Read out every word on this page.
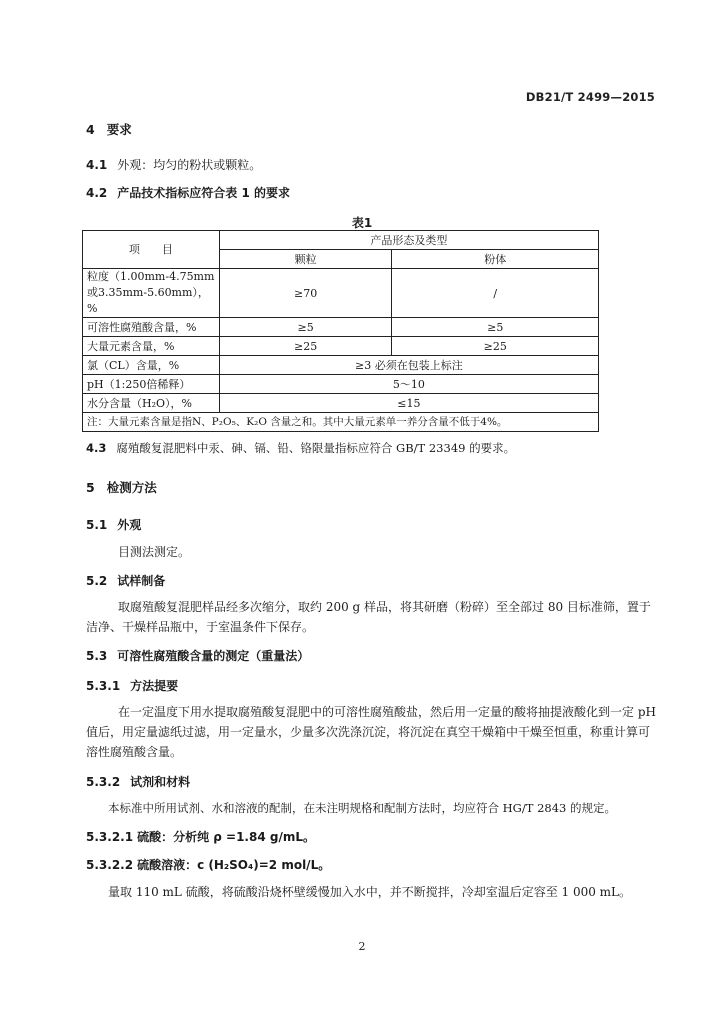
DB21/T 2499—2015
4 要求
4.1 外观：均匀的粉状或颗粒。
4.2 产品技术指标应符合表 1 的要求
表1
项　　目	产品形态及类型	
	颗粒	粉体
粒度（1.00mm-4.75mm或3.35mm-5.60mm），%	≥70	/
可溶性腐殖酸含量，%	≥5	≥5
大量元素含量，%	≥25	≥25
氯（CL）含量，%	≥3 必须在包装上标注	
pH（1:250倍稀释）	5～10	
水分含量（H₂O），%	≤15	
注：大量元素含量是指N、P₂O₅、K₂O 含量之和。其中大量元素单一养分含量不低于4%。		
4.3 腐殖酸复混肥料中汞、砷、镉、铅、铬限量指标应符合 GB/T 23349 的要求。
5 检测方法
5.1 外观
目测法测定。
5.2 试样制备
取腐殖酸复混肥样品经多次缩分，取约 200 g 样品，将其研磨（粉碎）至全部过 80 目标准筛，置于洁净、干燥样品瓶中，于室温条件下保存。
5.3 可溶性腐殖酸含量的测定（重量法）
5.3.1 方法提要
在一定温度下用水提取腐殖酸复混肥中的可溶性腐殖酸盐，然后用一定量的酸将抽提液酸化到一定 pH 值后，用定量滤纸过滤，用一定量水，少量多次洗涤沉淀，将沉淀在真空干燥箱中干燥至恒重，称重计算可溶性腐殖酸含量。
5.3.2 试剂和材料
本标准中所用试剂、水和溶液的配制，在未注明规格和配制方法时，均应符合 HG/T 2843 的规定。
5.3.2.1 硫酸：分析纯 ρ =1.84 g/mL。
5.3.2.2 硫酸溶液：c (H₂SO₄)=2 mol/L。
量取 110 mL 硫酸，将硫酸沿烧杯壁缓慢加入水中，并不断搅拌，冷却室温后定容至 1 000 mL。
2
